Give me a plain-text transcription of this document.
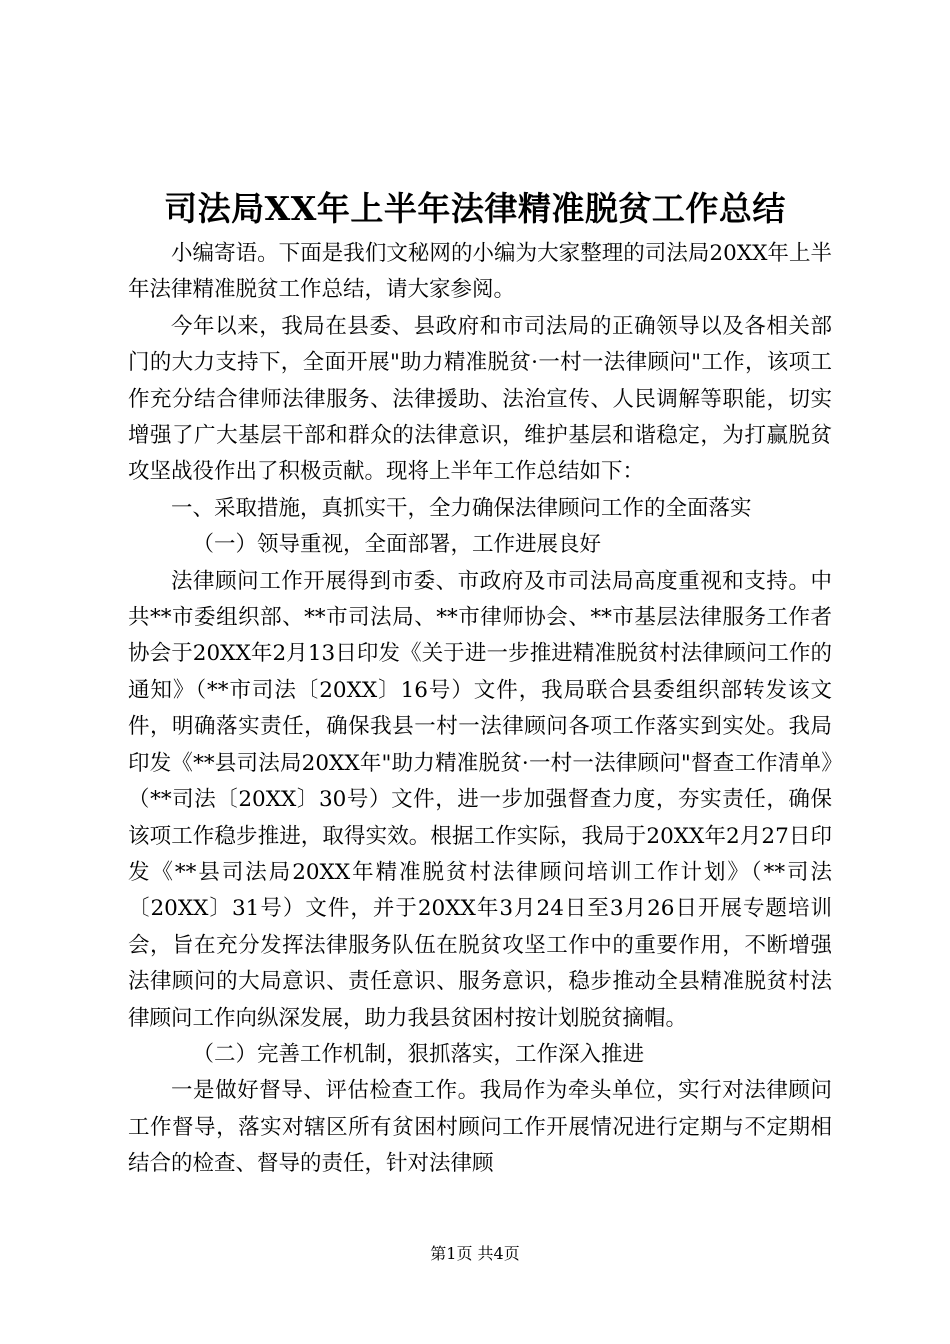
司法局XX年上半年法律精准脱贫工作总结

小编寄语。下面是我们文秘网的小编为大家整理的司法局20XX年上半年法律精准脱贫工作总结，请大家参阅。

今年以来，我局在县委、县政府和市司法局的正确领导以及各相关部门的大力支持下，全面开展"助力精准脱贫·一村一法律顾问"工作，该项工作充分结合律师法律服务、法律援助、法治宣传、人民调解等职能，切实增强了广大基层干部和群众的法律意识，维护基层和谐稳定，为打赢脱贫攻坚战役作出了积极贡献。现将上半年工作总结如下：

一、采取措施，真抓实干，全力确保法律顾问工作的全面落实

（一）领导重视，全面部署，工作进展良好

法律顾问工作开展得到市委、市政府及市司法局高度重视和支持。中共**市委组织部、**市司法局、**市律师协会、**市基层法律服务工作者协会于20XX年2月13日印发《关于进一步推进精准脱贫村法律顾问工作的通知》（**市司法〔20XX〕16号）文件，我局联合县委组织部转发该文件，明确落实责任，确保我县一村一法律顾问各项工作落实到实处。我局印发《**县司法局20XX年"助力精准脱贫·一村一法律顾问"督查工作清单》（**司法〔20XX〕30号）文件，进一步加强督查力度，夯实责任，确保该项工作稳步推进，取得实效。根据工作实际，我局于20XX年2月27日印发《**县司法局20XX年精准脱贫村法律顾问培训工作计划》（**司法〔20XX〕31号）文件，并于20XX年3月24日至3月26日开展专题培训会，旨在充分发挥法律服务队伍在脱贫攻坚工作中的重要作用，不断增强法律顾问的大局意识、责任意识、服务意识，稳步推动全县精准脱贫村法律顾问工作向纵深发展，助力我县贫困村按计划脱贫摘帽。

（二）完善工作机制，狠抓落实，工作深入推进

一是做好督导、评估检查工作。我局作为牵头单位，实行对法律顾问工作督导，落实对辖区所有贫困村顾问工作开展情况进行定期与不定期相结合的检查、督导的责任，针对法律顾

第1页 共4页
